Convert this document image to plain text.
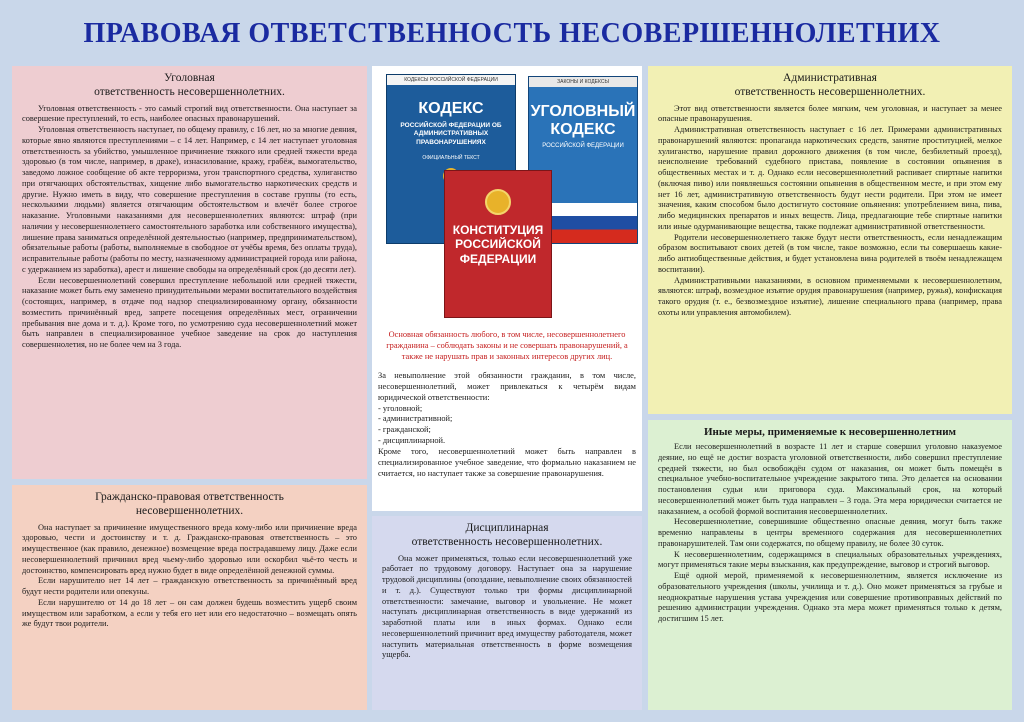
ПРАВОВАЯ ОТВЕТСТВЕННОСТЬ НЕСОВЕРШЕННОЛЕТНИХ
Уголовная
ответственность несовершеннолетних.

Уголовная ответственность - это самый строгий вид ответственности. Она наступает за совершение преступлений, то есть, наиболее опасных правонарушений.

Уголовная ответственность наступает, по общему правилу, с 16 лет, но за многие деяния, которые явно являются преступлениями – с 14 лет. Например, с 14 лет наступает уголовная ответственность за убийство, умышленное причинение тяжкого или средней тяжести вреда здоровью (в том числе, например, в драке), изнасилование, кражу, грабёж, вымогательство, заведомо ложное сообщение об акте терроризма, угон транспортного средства, хулиганство при отягчающих обстоятельствах, хищение либо вымогательство наркотических средств и другие. Нужно иметь в виду, что совершение преступления в составе группы (то есть, несколькими людьми) является отягчающим обстоятельством и влечёт более строгое наказание. Уголовными наказаниями для несовершеннолетних являются: штраф (при наличии у несовершеннолетнего самостоятельного заработка или собственного имущества), лишение права заниматься определённой деятельностью (например, предпринимательством), обязательные работы (работы, выполняемые в свободное от учёбы время, без оплаты труда), исправительные работы (работы по месту, назначенному администрацией города или района, с удержанием из заработка), арест и лишение свободы на определённый срок (до десяти лет).

Если несовершеннолетний совершил преступление небольшой или средней тяжести, наказание может быть ему заменено принудительными мерами воспитательного воздействия (состоящих, например, в отдаче под надзор специализированному органу, обязанности возместить причинённый вред, запрете посещения определённых мест, ограничении пребывания вне дома и т. д.). Кроме того, по усмотрению суда несовершеннолетний может быть направлен в специализированное учебное заведение на срок до наступления совершеннолетия, но не более чем на 3 года.

Гражданско-правовая ответственность
несовершеннолетних.

Она наступает за причинение имущественного вреда кому-либо или причинение вреда здоровью, чести и достоинству и т. д. Гражданско-правовая ответственность – это имущественное (как правило, денежное) возмещение вреда пострадавшему лицу. Даже если несовершеннолетний причинил вред чьему-либо здоровью или оскорбил чьё-то честь и достоинство, компенсировать вред нужно будет в виде определённой денежной суммы.

Если нарушителю нет 14 лет – гражданскую ответственность за причинённый вред будут нести родители или опекуны.

Если нарушителю от 14 до 18 лет – он сам должен будешь возместить ущерб своим имуществом или заработком, а если у тебя его нет или его недостаточно – возмещать опять же будут твои родители.

КОДЕКСЫ РОССИЙСКОЙ ФЕДЕРАЦИИ
КОДЕКС
РОССИЙСКОЙ ФЕДЕРАЦИИ ОБ АДМИНИСТРАТИВНЫХ ПРАВОНАРУШЕНИЯХ
ОФИЦИАЛЬНЫЙ ТЕКСТ
ЗАКОНЫ И КОДЕКСЫ
УГОЛОВНЫЙ КОДЕКС
РОССИЙСКОЙ ФЕДЕРАЦИИ
КОНСТИТУЦИЯ РОССИЙСКОЙ ФЕДЕРАЦИИ
Основная обязанность любого, в том числе, несовершеннолетнего гражданина – соблюдать законы и не совершать правонарушений, а также не нарушать прав и законных интересов других лиц.
За невыполнение этой обязанности гражданин, в том числе, несовершеннолетний, может привлекаться к четырём видам юридической ответственности:
- уголовной;
- административной;
- гражданской;
- дисциплинарной.
Кроме того, несовершеннолетний может быть направлен в специализированное учебное заведение, что формально наказанием не считается, но наступает также за совершение правонарушения.
Дисциплинарная
ответственность несовершеннолетних.

Она может применяться, только если несовершеннолетний уже работает по трудовому договору. Наступает она за нарушение трудовой дисциплины (опоздание, невыполнение своих обязанностей и т. д.). Существуют только три формы дисциплинарной ответственности: замечание, выговор и увольнение. Не может наступать дисциплинарная ответственность в виде удержаний из заработной платы или в иных формах. Однако если несовершеннолетний причинит вред имуществу работодателя, может наступить материальная ответственность в форме возмещения ущерба.

Административная
ответственность несовершеннолетних.

Этот вид ответственности является более мягким, чем уголовная, и наступает за менее опасные правонарушения.

Административная ответственность наступает с 16 лет. Примерами административных правонарушений являются: пропаганда наркотических средств, занятие проституцией, мелкое хулиганство, нарушение правил дорожного движения (в том числе, безбилетный проезд), неисполнение требований судебного пристава, появление в состоянии опьянения в общественных местах и т. д. Однако если несовершеннолетний распивает спиртные напитки (включая пиво) или появляешься состоянии опьянения в общественном месте, и при этом ему нет 16 лет, административную ответственность будут нести родители. При этом не имеет значения, каким способом было достигнуто состояние опьянения: употреблением вина, пива, либо медицинских препаратов и иных веществ. Лица, предлагающие тебе спиртные напитки или иные одурманивающие вещества, также подлежат административной ответственности.

Родители несовершеннолетнего также будут нести ответственность, если ненадлежащим образом воспитывают своих детей (в том числе, такое возможно, если ты совершаешь какие-либо антиобщественные действия, и будет установлена вина родителей в твоём ненадлежащем воспитании).

Административными наказаниями, в основном применяемыми к несовершеннолетним, являются: штраф, возмездное изъятие орудия правонарушения (например, ружья), конфискация такого орудия (т. е., безвозмездное изъятие), лишение специального права (например, права охоты или управления автомобилем).

Иные меры, применяемые к несовершеннолетним

Если несовершеннолетний в возрасте 11 лет и старше совершил уголовно наказуемое деяние, но ещё не достиг возраста уголовной ответственности, либо совершил преступление средней тяжести, но был освобождён судом от наказания, он может быть помещён в специальное учебно-воспитательное учреждение закрытого типа. Это делается на основании постановления судьи или приговора суда. Максимальный срок, на который несовершеннолетний может быть туда направлен – 3 года. Эта мера юридически считается не наказанием, а особой формой воспитания несовершеннолетних.

Несовершеннолетние, совершившие общественно опасные деяния, могут быть также временно направлены в центры временного содержания для несовершеннолетних правонарушителей. Там они содержатся, по общему правилу, не более 30 суток.

К несовершеннолетним, содержащимся в специальных образовательных учреждениях, могут применяться такие меры взыскания, как предупреждение, выговор и строгий выговор.

Ещё одной мерой, применяемой к несовершеннолетним, является исключение из образовательного учреждения (школы, училища и т. д.). Оно может применяться за грубые и неоднократные нарушения устава учреждения или совершение противоправных действий по решению администрации учреждения. Однако эта мера может применяться только к детям, достигшим 15 лет.
